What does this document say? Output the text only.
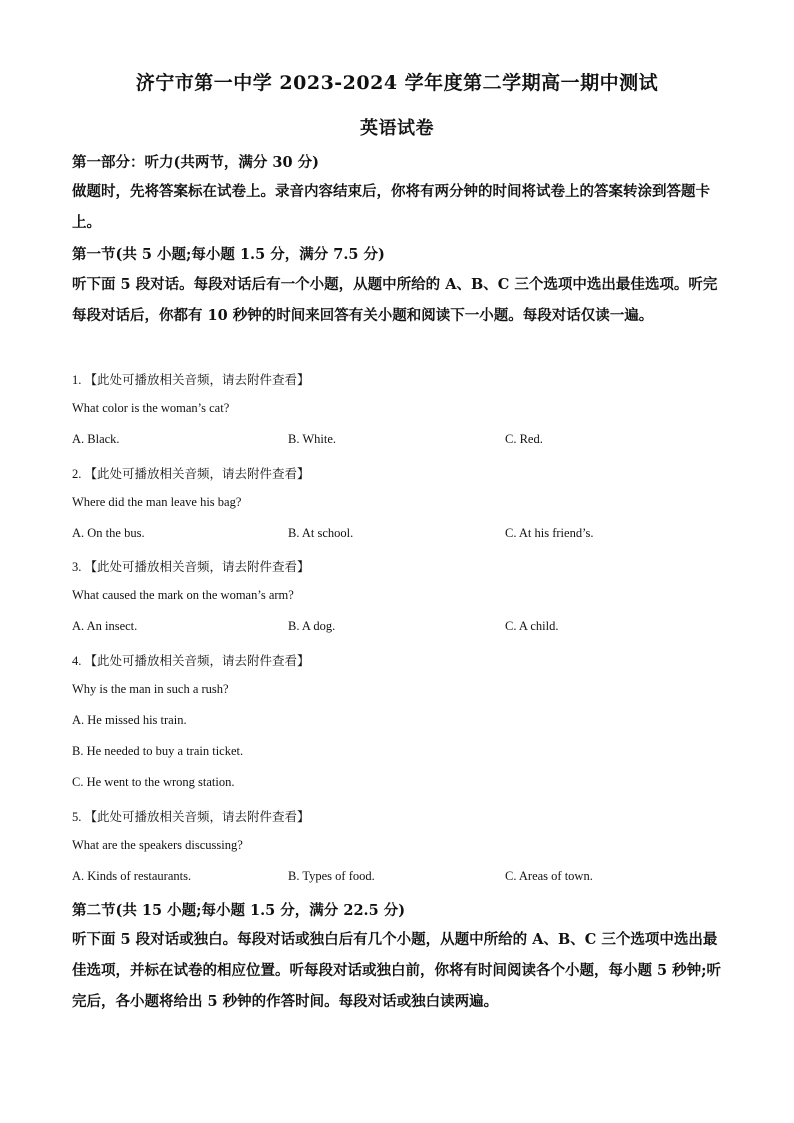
济宁市第一中学 2023-2024 学年度第二学期高一期中测试
英语试卷
第一部分：听力(共两节，满分 30 分)
做题时，先将答案标在试卷上。录音内容结束后，你将有两分钟的时间将试卷上的答案转涂到答题卡上。
第一节(共 5 小题;每小题 1.5 分，满分 7.5 分)
听下面 5 段对话。每段对话后有一个小题，从题中所给的 A、B、C 三个选项中选出最佳选项。听完每段对话后，你都有 10 秒钟的时间来回答有关小题和阅读下一小题。每段对话仅读一遍。
1. 【此处可播放相关音频，请去附件查看】
What color is the woman’s cat?
A. Black.	B. White.	C. Red.
2. 【此处可播放相关音频，请去附件查看】
Where did the man leave his bag?
A. On the bus.	B. At school.	C. At his friend’s.
3. 【此处可播放相关音频，请去附件查看】
What caused the mark on the woman’s arm?
A. An insect.	B. A dog.	C. A child.
4. 【此处可播放相关音频，请去附件查看】
Why is the man in such a rush?
A. He missed his train.
B. He needed to buy a train ticket.
C. He went to the wrong station.
5. 【此处可播放相关音频，请去附件查看】
What are the speakers discussing?
A. Kinds of restaurants.	B. Types of food.	C. Areas of town.
第二节(共 15 小题;每小题 1.5 分，满分 22.5 分)
听下面 5 段对话或独白。每段对话或独白后有几个小题，从题中所给的 A、B、C 三个选项中选出最佳选项，并标在试卷的相应位置。听每段对话或独白前，你将有时间阅读各个小题，每小题 5 秒钟;听完后，各小题将给出 5 秒钟的作答时间。每段对话或独白读两遍。
